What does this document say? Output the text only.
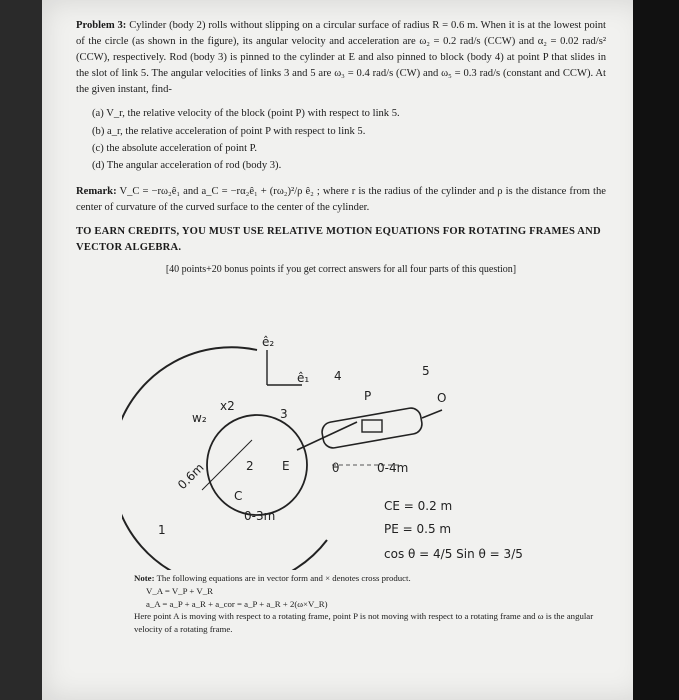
Problem 3: Cylinder (body 2) rolls without slipping on a circular surface of radius R = 0.6 m. When it is at the lowest point of the circle (as shown in the figure), its angular velocity and acceleration are ω₂ = 0.2 rad/s (CCW) and α₂ = 0.02 rad/s² (CCW), respectively. Rod (body 3) is pinned to the cylinder at E and also pinned to block (body 4) at point P that slides in the slot of link 5. The angular velocities of links 3 and 5 are ω₃ = 0.4 rad/s (CW) and ω₅ = 0.3 rad/s (constant and CCW). At the given instant, find-

(a) V_r, the relative velocity of the block (point P) with respect to link 5.
(b) a_r, the relative acceleration of point P with respect to link 5.
(c) the absolute acceleration of point P.
(d) The angular acceleration of rod (body 3).
Remark: V_C = −rω₂ê₁ and a_C = −rα₂ê₁ + (rω₂)²/ρ ê₂ ; where r is the radius of the cylinder and ρ is the distance from the center of curvature of the curved surface to the center of the cylinder.
TO EARN CREDITS, YOU MUST USE RELATIVE MOTION EQUATIONS FOR ROTATING FRAMES AND VECTOR ALGEBRA.
[40 points+20 bonus points if you get correct answers for all four parts of this question]
ê₂
ê₁ 4	5
P	O
w₂
x2
3
2 E	θ
0.6m
C
0-3m
0-4m
1
CE = 0.2 m
PE = 0.5 m
cos θ = 4/5 Sin θ = 3/5
Note: The following equations are in vector form and × denotes cross product.
V_A = V_P + V_R
a_A = a_P + a_R + a_cor = a_P + a_R + 2(ω×V_R)
Here point A is moving with respect to a rotating frame, point P is not moving with respect to a rotating frame and ω is the angular velocity of a rotating frame.
